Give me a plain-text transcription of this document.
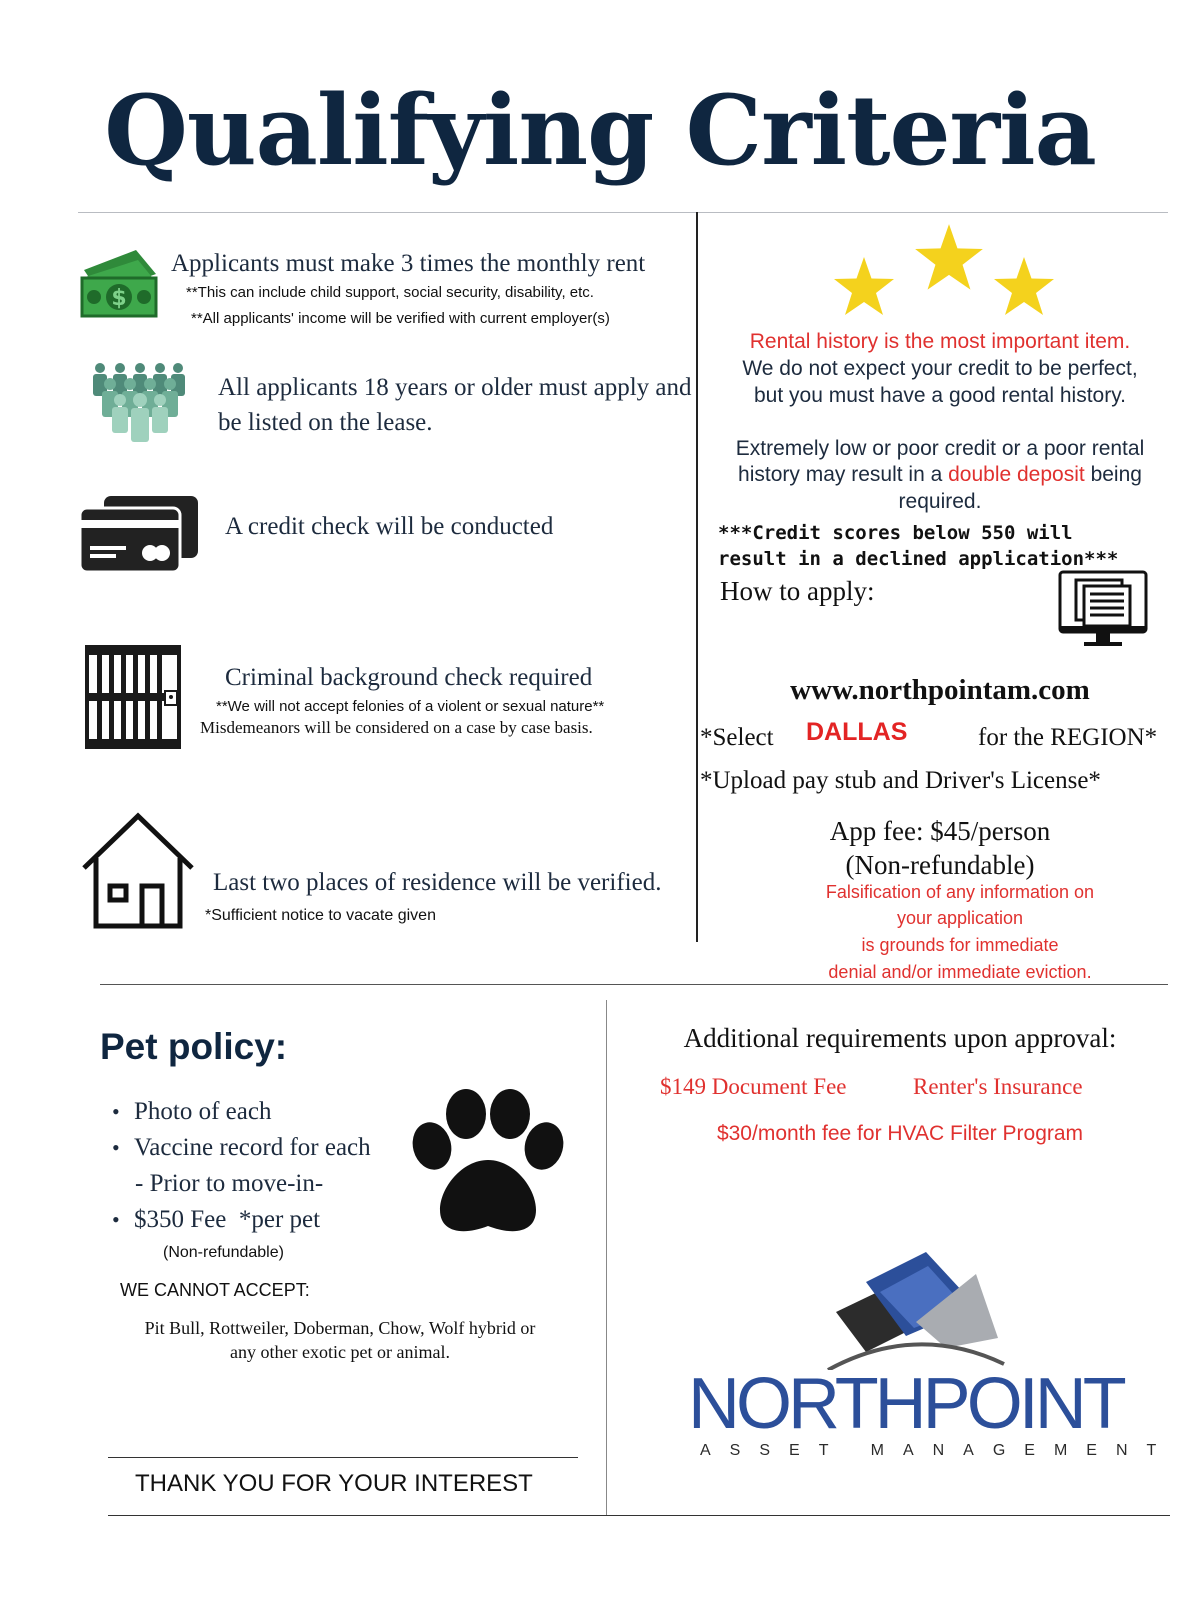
Qualifying Criteria
$
Applicants must make 3 times the monthly rent
**This can include child support, social security, disability, etc.
**All applicants' income will be verified with current employer(s)
All applicants 18 years or older must apply and
be listed on the lease.
A credit check will be conducted
Criminal background check required
**We will not accept felonies of a violent or sexual nature**
Misdemeanors will be considered on a case by case basis.
Last two places of residence will be verified.
*Sufficient notice to vacate given
Rental history is the most important item.
We do not expect your credit to be perfect,
but you must have a good rental history.
Extremely low or poor credit or a poor rental
history may result in a double deposit being
required.
***Credit scores below 550 will
result in a declined application***
How to apply:
www.northpointam.com
*Select DALLAS	for the REGION*
*Upload pay stub and Driver's License*
App fee: $45/person
(Non-refundable)
Falsification of any information on
your application
is grounds for immediate
denial and/or immediate eviction.
Pet policy:
• Photo of each
• Vaccine record for each
- Prior to move-in-
• $350 Fee  *per pet
(Non-refundable)
WE CANNOT ACCEPT:
Pit Bull, Rottweiler, Doberman, Chow, Wolf hybrid or
any other exotic pet or animal.
THANK YOU FOR YOUR INTEREST
Additional requirements upon approval:
$149 Document Fee	Renter's Insurance
$30/month fee for HVAC Filter Program
NORTHPOINT
ASSET MANAGEMENT
